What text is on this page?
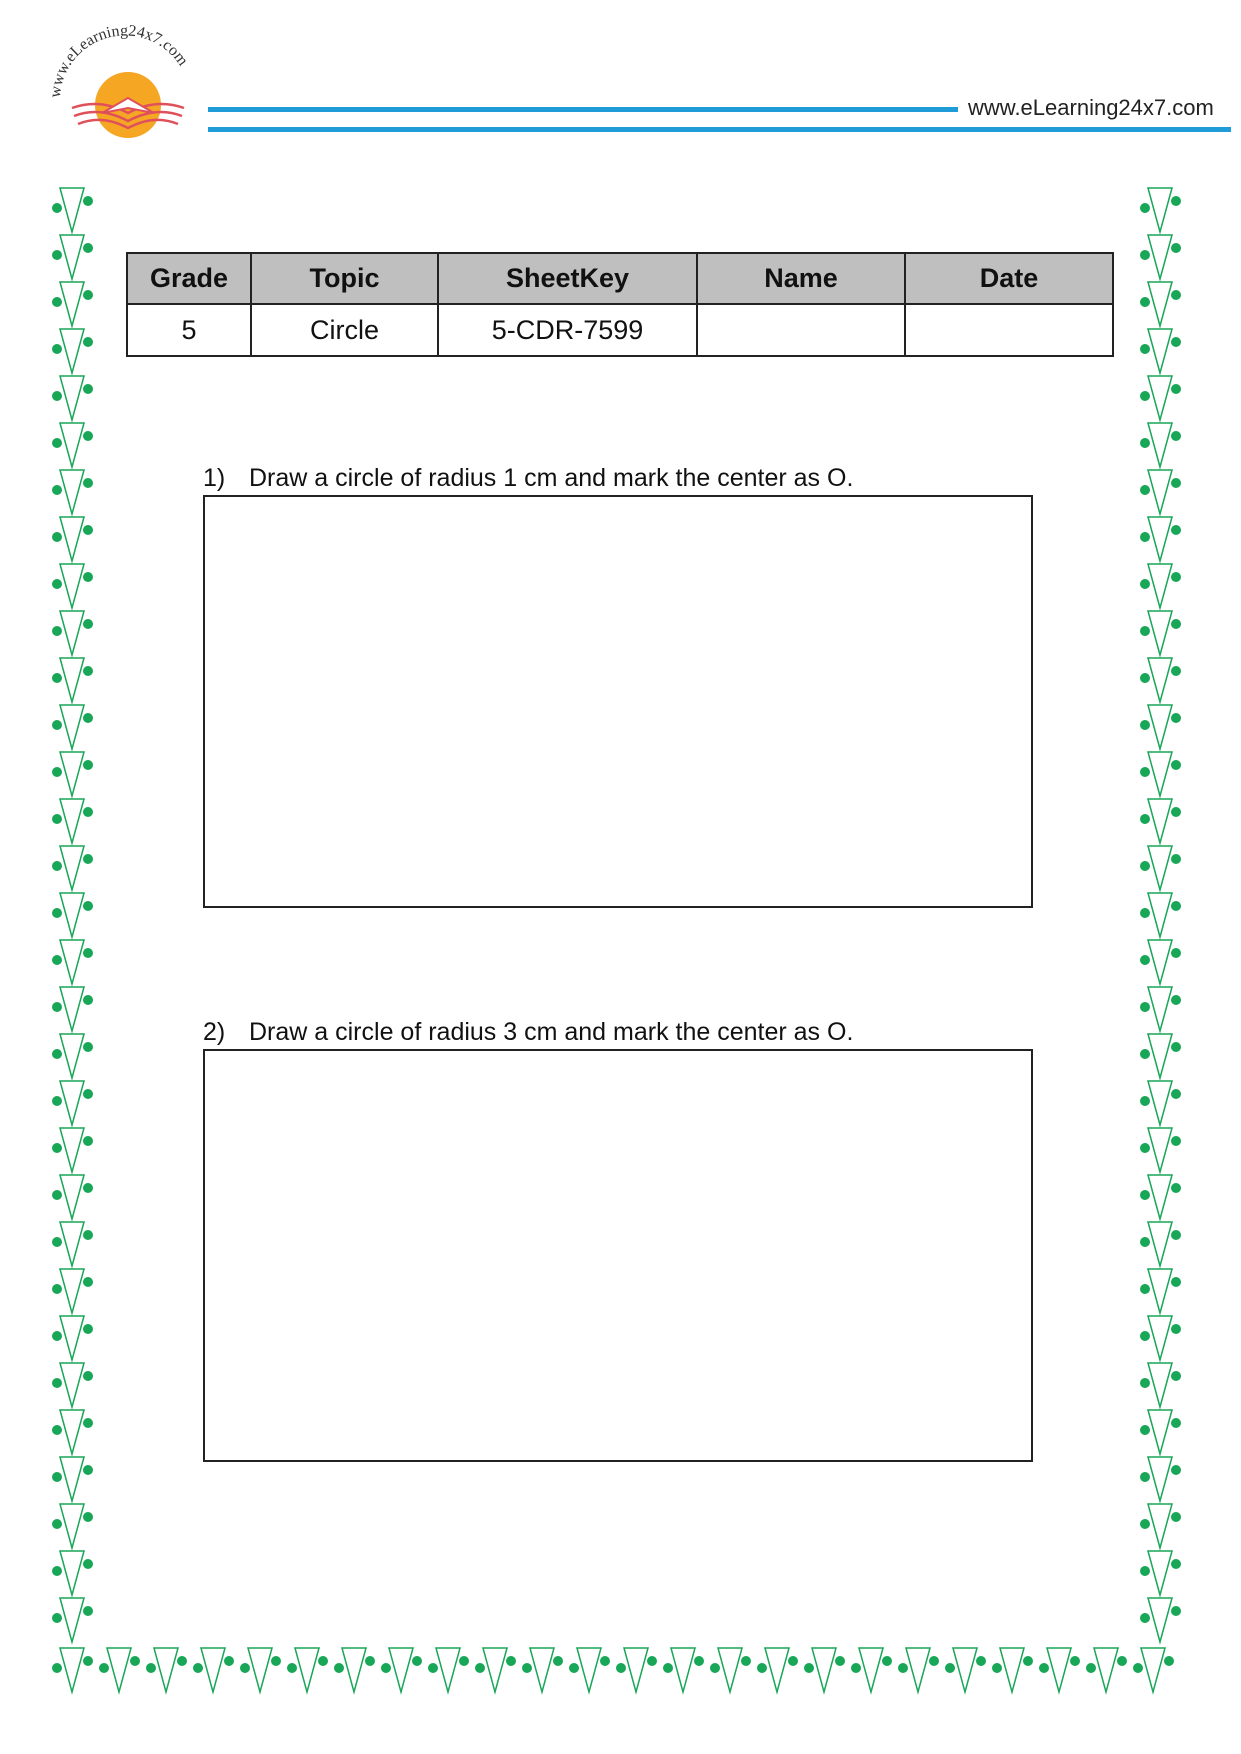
www.eLearning24x7.com
www.eLearning24x7.com
Grade	Topic	SheetKey	Name	Date
5	Circle	5-CDR-7599		
1) Draw a circle of radius 1 cm and mark the center as O.
2) Draw a circle of radius 3 cm and mark the center as O.
